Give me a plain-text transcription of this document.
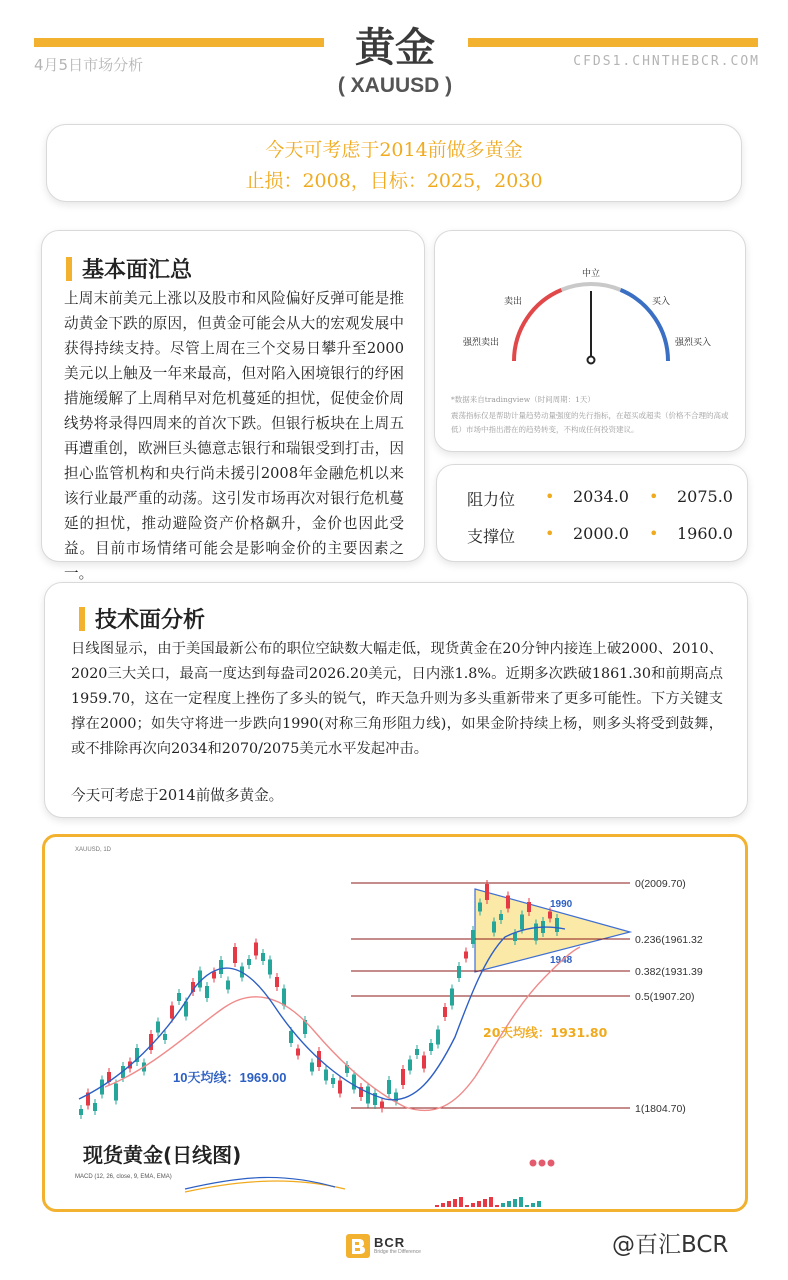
黄金
( XAUUSD )
4月5日市场分析	CFDS1.CHNTHEBCR.COM
今天可考虑于2014前做多黄金
止损：2008，目标：2025，2030
基本面汇总
上周末前美元上涨以及股市和风险偏好反弹可能是推动黄金下跌的原因，但黄金可能会从大的宏观发展中获得持续支持。尽管上周在三个交易日攀升至2000美元以上触及一年来最高，但对陷入困境银行的纾困措施缓解了上周稍早对危机蔓延的担忧，促使金价周线势将录得四周来的首次下跌。但银行板块在上周五再遭重创，欧洲巨头德意志银行和瑞银受到打击，因担心监管机构和央行尚未援引2008年金融危机以来该行业最严重的动荡。这引发市场再次对银行危机蔓延的担忧，推动避险资产价格飙升，金价也因此受益。目前市场情绪可能会是影响金价的主要因素之一。
中立
卖出	买入
强烈卖出	强烈买入
*数据来自tradingview（时间周期：1天）
震荡指标仅是帮助计量趋势动量强度的先行指标，在超买或超卖（价格不合理的高或低）市场中指出潜在的趋势转变，不构成任何投资建议。
阻力位 • 2034.0 • 2075.0
支撑位 • 2000.0 • 1960.0
技术面分析
日线图显示，由于美国最新公布的职位空缺数大幅走低，现货黄金在20分钟内接连上破2000、2010、2020三大关口，最高一度达到每盎司2026.20美元，日内涨1.8%。近期多次跌破1861.30和前期高点1959.70，这在一定程度上挫伤了多头的锐气，昨天急升则为多头重新带来了更多可能性。下方关键支撑在2000；如失守将进一步跌向1990(对称三角形阻力线)，如果金阶持续上杨，则多头将受到鼓舞，或不排除再次向2034和2070/2075美元水平发起冲击。
今天可考虑于2014前做多黄金。
XAUUSD, 1D
0(2009.70)
0.236(1961.32
0.382(1931.39
0.5(1907.20)
1(1804.70)
1990
1948
10天均线：1969.00
20天均线：1931.80
现货黄金(日线图)
MACD (12, 26, close, 9, EMA, EMA)
BCR
Bridge the Difference	@百汇BCR
